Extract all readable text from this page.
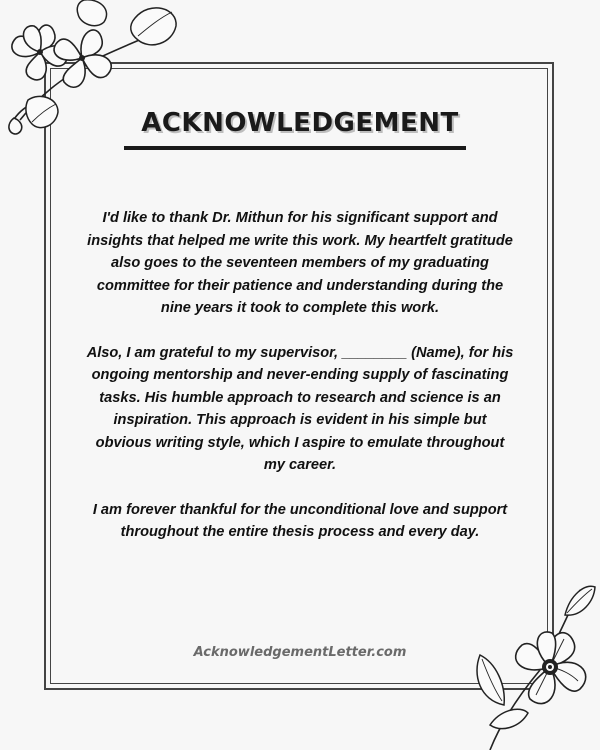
ACKNOWLEDGEMENT

I'd like to thank Dr. Mithun for his significant support and insights that helped me write this work. My heartfelt gratitude also goes to the seventeen members of my graduating committee for their patience and understanding during the nine years it took to complete this work.

Also, I am grateful to my supervisor, ________ (Name), for his ongoing mentorship and never-ending supply of fascinating tasks. His humble approach to research and science is an inspiration. This approach is evident in his simple but obvious writing style, which I aspire to emulate throughout my career.

I am forever thankful for the unconditional love and support throughout the entire thesis process and every day.

AcknowledgementLetter.com
